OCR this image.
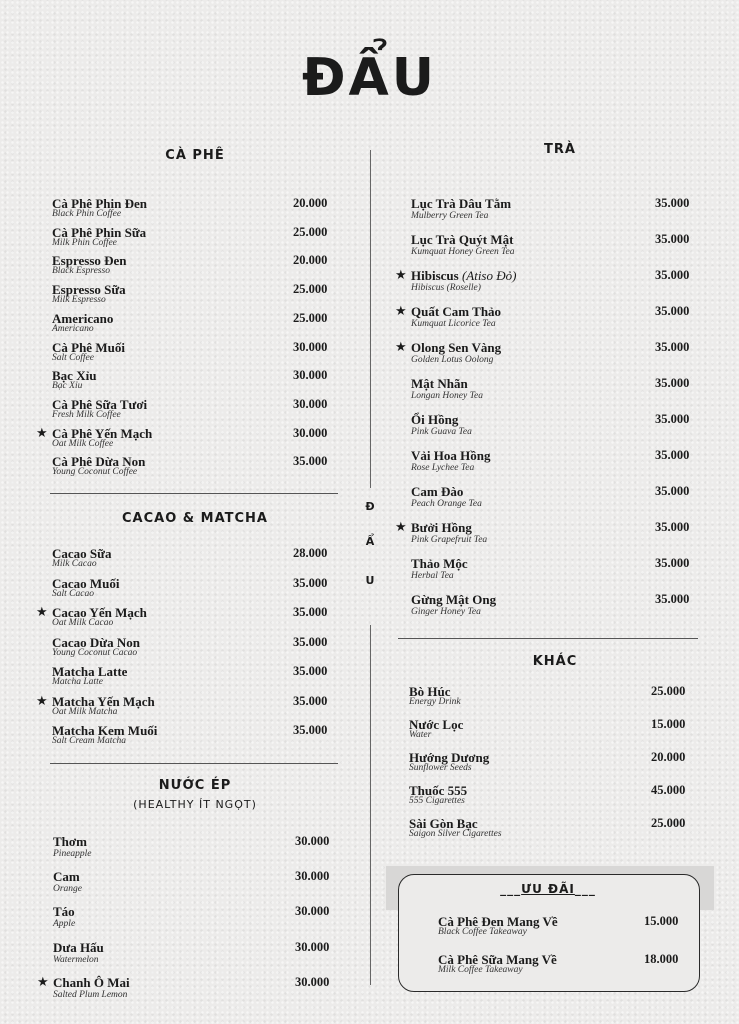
ĐẨU
CÀ PHÊ	TRÀ
CACAO & MATCHA
NƯỚC ÉP
(HEALTHY ÍT NGỌT)
KHÁC
Đ
Ẩ
U
___ƯU ĐÃI___
Cà Phê Phin Đen
Black Phin Coffee
20.000
Cà Phê Phin Sữa
Milk Phin Coffee
25.000
Espresso Đen
Black Espresso
20.000
Espresso Sữa
Milk Espresso
25.000
Americano
Americano
25.000
Cà Phê Muối
Salt Coffee
30.000
Bạc Xỉu
Bạc Xỉu
30.000
Cà Phê Sữa Tươi
Fresh Milk Coffee
30.000
★ Cà Phê Yến Mạch
Oat Milk Coffee
30.000
Cà Phê Dừa Non
Young Coconut Coffee
35.000
Cacao Sữa
Milk Cacao
28.000
Cacao Muối
Salt Cacao
35.000
★ Cacao Yến Mạch
Oat Milk Cacao
35.000
Cacao Dừa Non
Young Coconut Cacao
35.000
Matcha Latte
Matcha Latte
35.000
★ Matcha Yến Mạch
Oat Milk Matcha
35.000
Matcha Kem Muối
Salt Cream Matcha
35.000
Thơm
Pineapple
30.000
Cam
Orange
30.000
Táo
Apple
30.000
Dưa Hấu
Watermelon
30.000
★ Chanh Ô Mai
Salted Plum Lemon
30.000
Lục Trà Dâu Tằm
Mulberry Green Tea
35.000
Lục Trà Quýt Mật
Kumquat Honey Green Tea
35.000
★ Hibiscus (Atiso Đỏ)
Hibiscus (Roselle)
35.000
★ Quất Cam Thảo
Kumquat Licorice Tea
35.000
★ Olong Sen Vàng
Golden Lotus Oolong
35.000
Mật Nhãn
Longan Honey Tea
35.000
Ổi Hồng
Pink Guava Tea
35.000
Vải Hoa Hồng
Rose Lychee Tea
35.000
Cam Đào
Peach Orange Tea
35.000
★ Bưởi Hồng
Pink Grapefruit Tea
35.000
Thảo Mộc
Herbal Tea
35.000
Gừng Mật Ong
Ginger Honey Tea
35.000
Bò Húc
Energy Drink
25.000
Nước Lọc
Water
15.000
Hướng Dương
Sunflower Seeds
20.000
Thuốc 555
555 Cigarettes
45.000
Sài Gòn Bạc
Saigon Silver Cigarettes
25.000
Cà Phê Đen Mang Về
Black Coffee Takeaway
15.000
Cà Phê Sữa Mang Về
Milk Coffee Takeaway
18.000
